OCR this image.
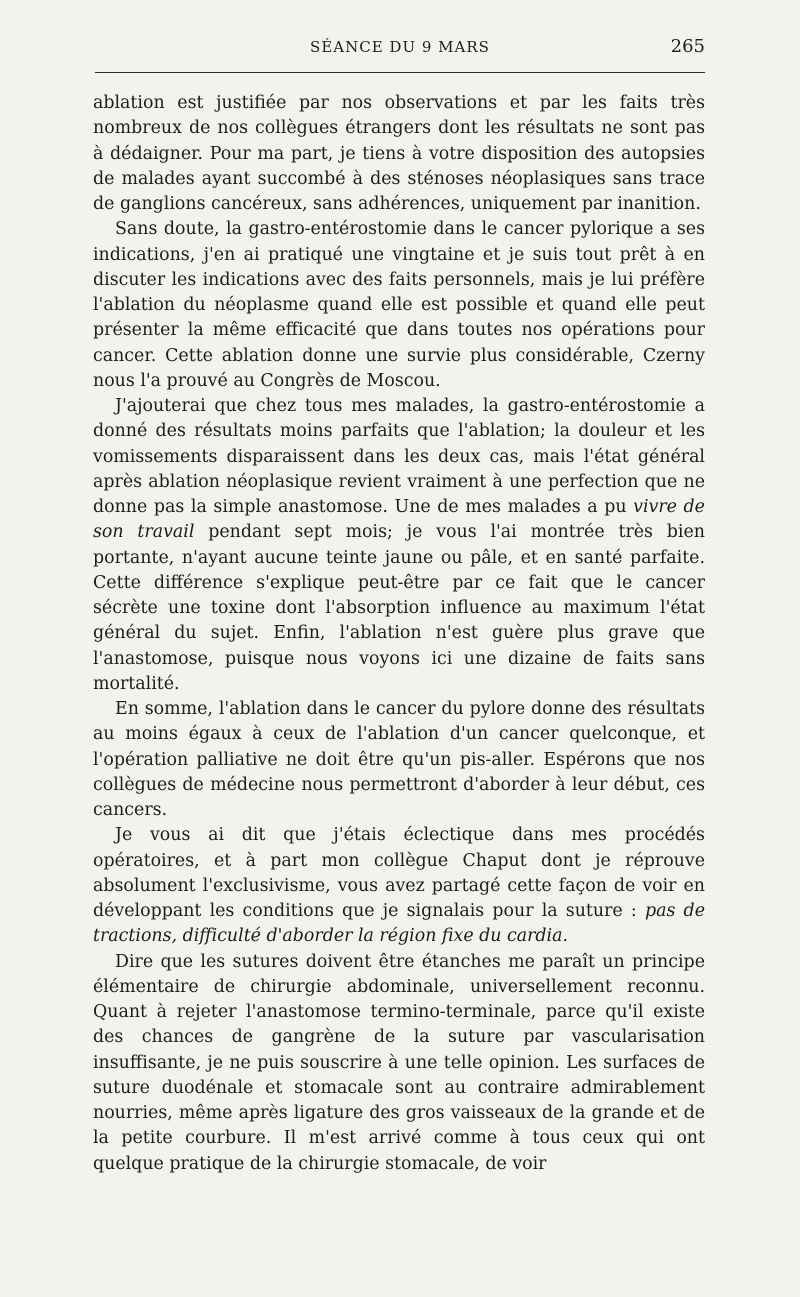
SÉANCE DU 9 MARS	265

ablation est justifiée par nos observations et par les faits très nombreux de nos collègues étrangers dont les résultats ne sont pas à dédaigner. Pour ma part, je tiens à votre disposition des autopsies de malades ayant succombé à des sténoses néoplasiques sans trace de ganglions cancéreux, sans adhérences, uniquement par inanition.

Sans doute, la gastro-entérostomie dans le cancer pylorique a ses indications, j'en ai pratiqué une vingtaine et je suis tout prêt à en discuter les indications avec des faits personnels, mais je lui préfère l'ablation du néoplasme quand elle est possible et quand elle peut présenter la même efficacité que dans toutes nos opérations pour cancer. Cette ablation donne une survie plus considérable, Czerny nous l'a prouvé au Congrès de Moscou.

J'ajouterai que chez tous mes malades, la gastro-entérostomie a donné des résultats moins parfaits que l'ablation; la douleur et les vomissements disparaissent dans les deux cas, mais l'état général après ablation néoplasique revient vraiment à une perfection que ne donne pas la simple anastomose. Une de mes malades a pu vivre de son travail pendant sept mois; je vous l'ai montrée très bien portante, n'ayant aucune teinte jaune ou pâle, et en santé parfaite. Cette différence s'explique peut-être par ce fait que le cancer sécrète une toxine dont l'absorption influence au maximum l'état général du sujet. Enfin, l'ablation n'est guère plus grave que l'anastomose, puisque nous voyons ici une dizaine de faits sans mortalité.

En somme, l'ablation dans le cancer du pylore donne des résultats au moins égaux à ceux de l'ablation d'un cancer quelconque, et l'opération palliative ne doit être qu'un pis-aller. Espérons que nos collègues de médecine nous permettront d'aborder à leur début, ces cancers.

Je vous ai dit que j'étais éclectique dans mes procédés opératoires, et à part mon collègue Chaput dont je réprouve absolument l'exclusivisme, vous avez partagé cette façon de voir en développant les conditions que je signalais pour la suture : pas de tractions, difficulté d'aborder la région fixe du cardia.

Dire que les sutures doivent être étanches me paraît un principe élémentaire de chirurgie abdominale, universellement reconnu. Quant à rejeter l'anastomose termino-terminale, parce qu'il existe des chances de gangrène de la suture par vascularisation insuffisante, je ne puis souscrire à une telle opinion. Les surfaces de suture duodénale et stomacale sont au contraire admirablement nourries, même après ligature des gros vaisseaux de la grande et de la petite courbure. Il m'est arrivé comme à tous ceux qui ont quelque pratique de la chirurgie stomacale, de voir
